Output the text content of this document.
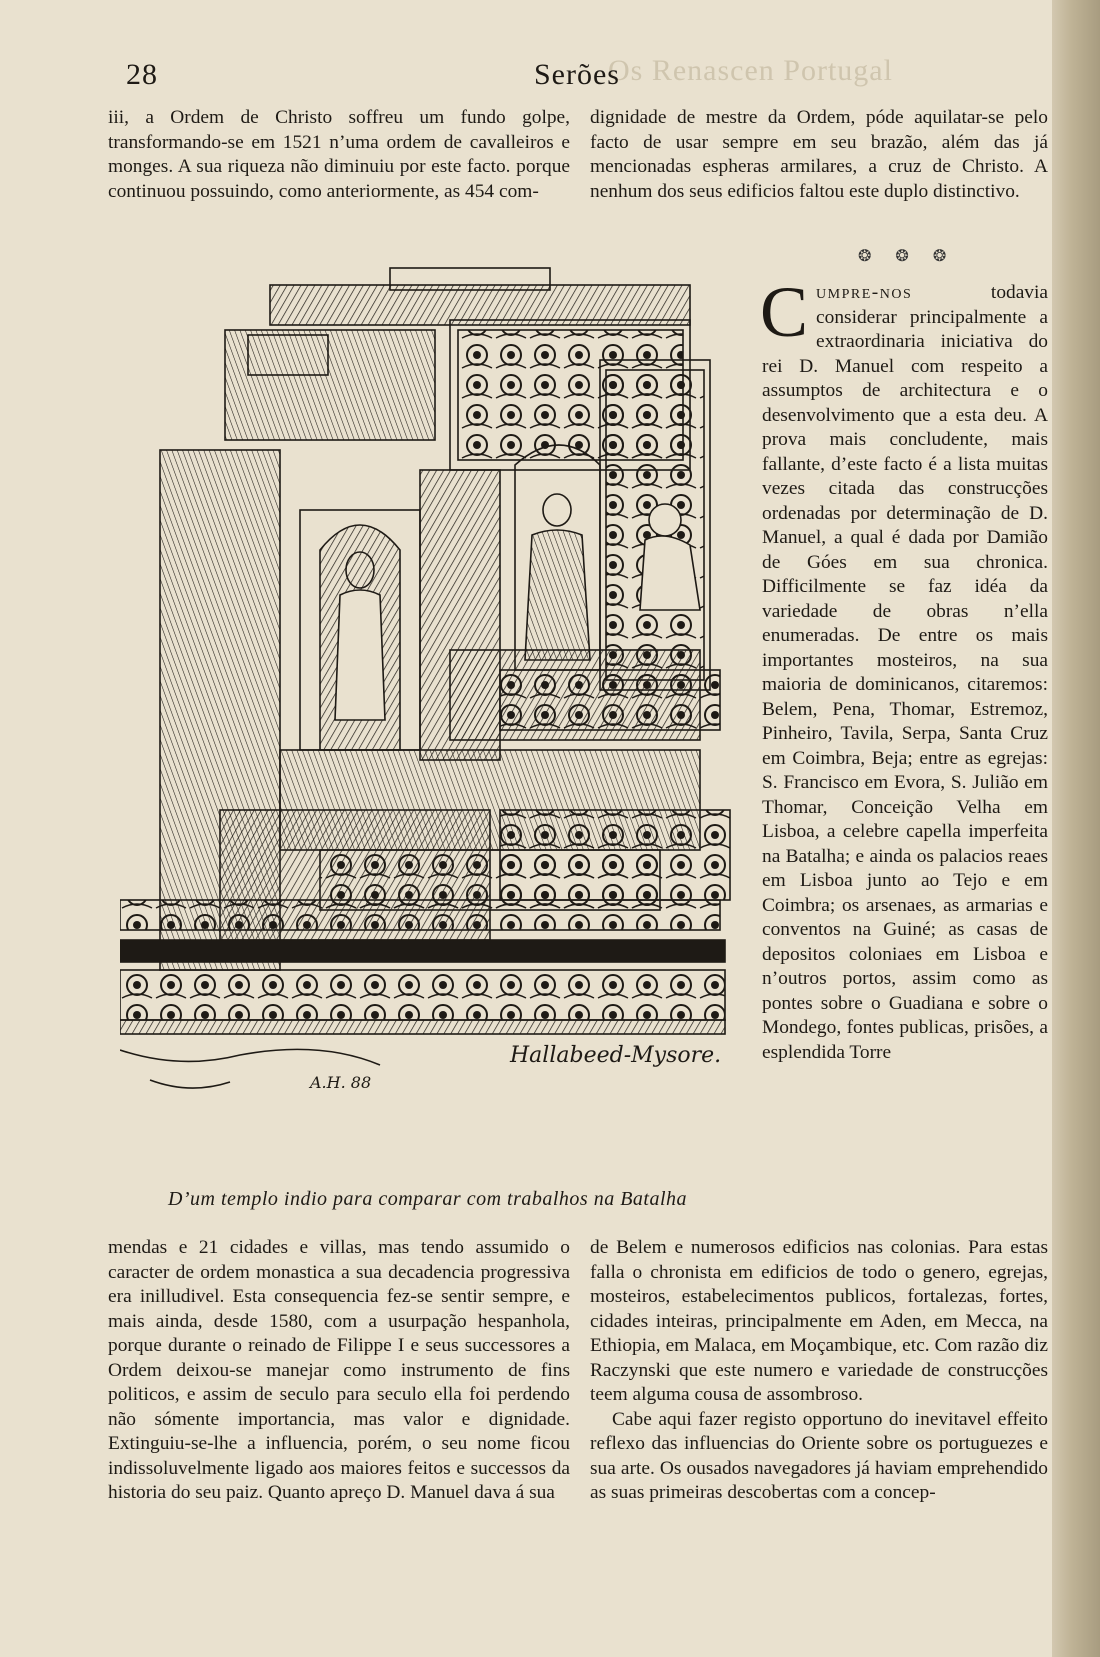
Os Renascen Portugal
28	Serões

iii, a Ordem de Christo soffreu um fundo golpe, transformando-se em 1521 n’uma ordem de cavalleiros e monges. A sua riqueza não diminuiu por este facto. porque continuou possuindo, como anteriormente, as 454 com-

dignidade de mestre da Ordem, póde aquilatar-se pelo facto de usar sempre em seu brazão, além das já mencionadas espheras armilares, a cruz de Christo. A nenhum dos seus edificios faltou este duplo distinctivo.

❂ ❂ ❂

Cumpre-nos todavia considerar principalmente a extraordinaria iniciativa do rei D. Manuel com respeito a assumptos de architectura e o desenvolvimento que a esta deu. A prova mais concludente, mais fallante, d’este facto é a lista muitas vezes citada das construcções ordenadas por determinação de D. Manuel, a qual é dada por Damião de Góes em sua chronica. Difficilmente se faz idéa da variedade de obras n’ella enumeradas. De entre os mais importantes mosteiros, na sua maioria de dominicanos, citaremos: Belem, Pena, Thomar, Estremoz, Pinheiro, Tavila, Serpa, Santa Cruz em Coimbra, Beja; entre as egrejas: S. Francisco em Evora, S. Julião em Thomar, Conceição Velha em Lisboa, a celebre capella imperfeita na Batalha; e ainda os palacios reaes em Lisboa junto ao Tejo e em Coimbra; os arsenaes, as armarias e conventos na Guiné; as casas de depositos coloniaes em Lisboa e n’outros portos, assim como as pontes sobre o Guadiana e sobre o Mondego, fontes publicas, prisões, a esplendida Torre

Hallabeed-Mysore.
A.H. 88
D’um templo indio para comparar com trabalhos na Batalha

mendas e 21 cidades e villas, mas tendo assumido o caracter de ordem monastica a sua decadencia progressiva era inilludivel. Esta consequencia fez-se sentir sempre, e mais ainda, desde 1580, com a usurpação hespanhola, porque durante o reinado de Filippe I e seus successores a Ordem deixou-se manejar como instrumento de fins politicos, e assim de seculo para seculo ella foi perdendo não sómente importancia, mas valor e dignidade. Extinguiu-se-lhe a influencia, porém, o seu nome ficou indissoluvelmente ligado aos maiores feitos e successos da historia do seu paiz. Quanto apreço D. Manuel dava á sua

de Belem e numerosos edificios nas colonias. Para estas falla o chronista em edificios de todo o genero, egrejas, mosteiros, estabelecimentos publicos, fortalezas, fortes, cidades inteiras, principalmente em Aden, em Mecca, na Ethiopia, em Malaca, em Moçambique, etc. Com razão diz Raczynski que este numero e variedade de construcções teem alguma cousa de assombroso.

Cabe aqui fazer registo opportuno do inevitavel effeito reflexo das influencias do Oriente sobre os portuguezes e sua arte. Os ousados navegadores já haviam emprehendido as suas primeiras descobertas com a concep-
